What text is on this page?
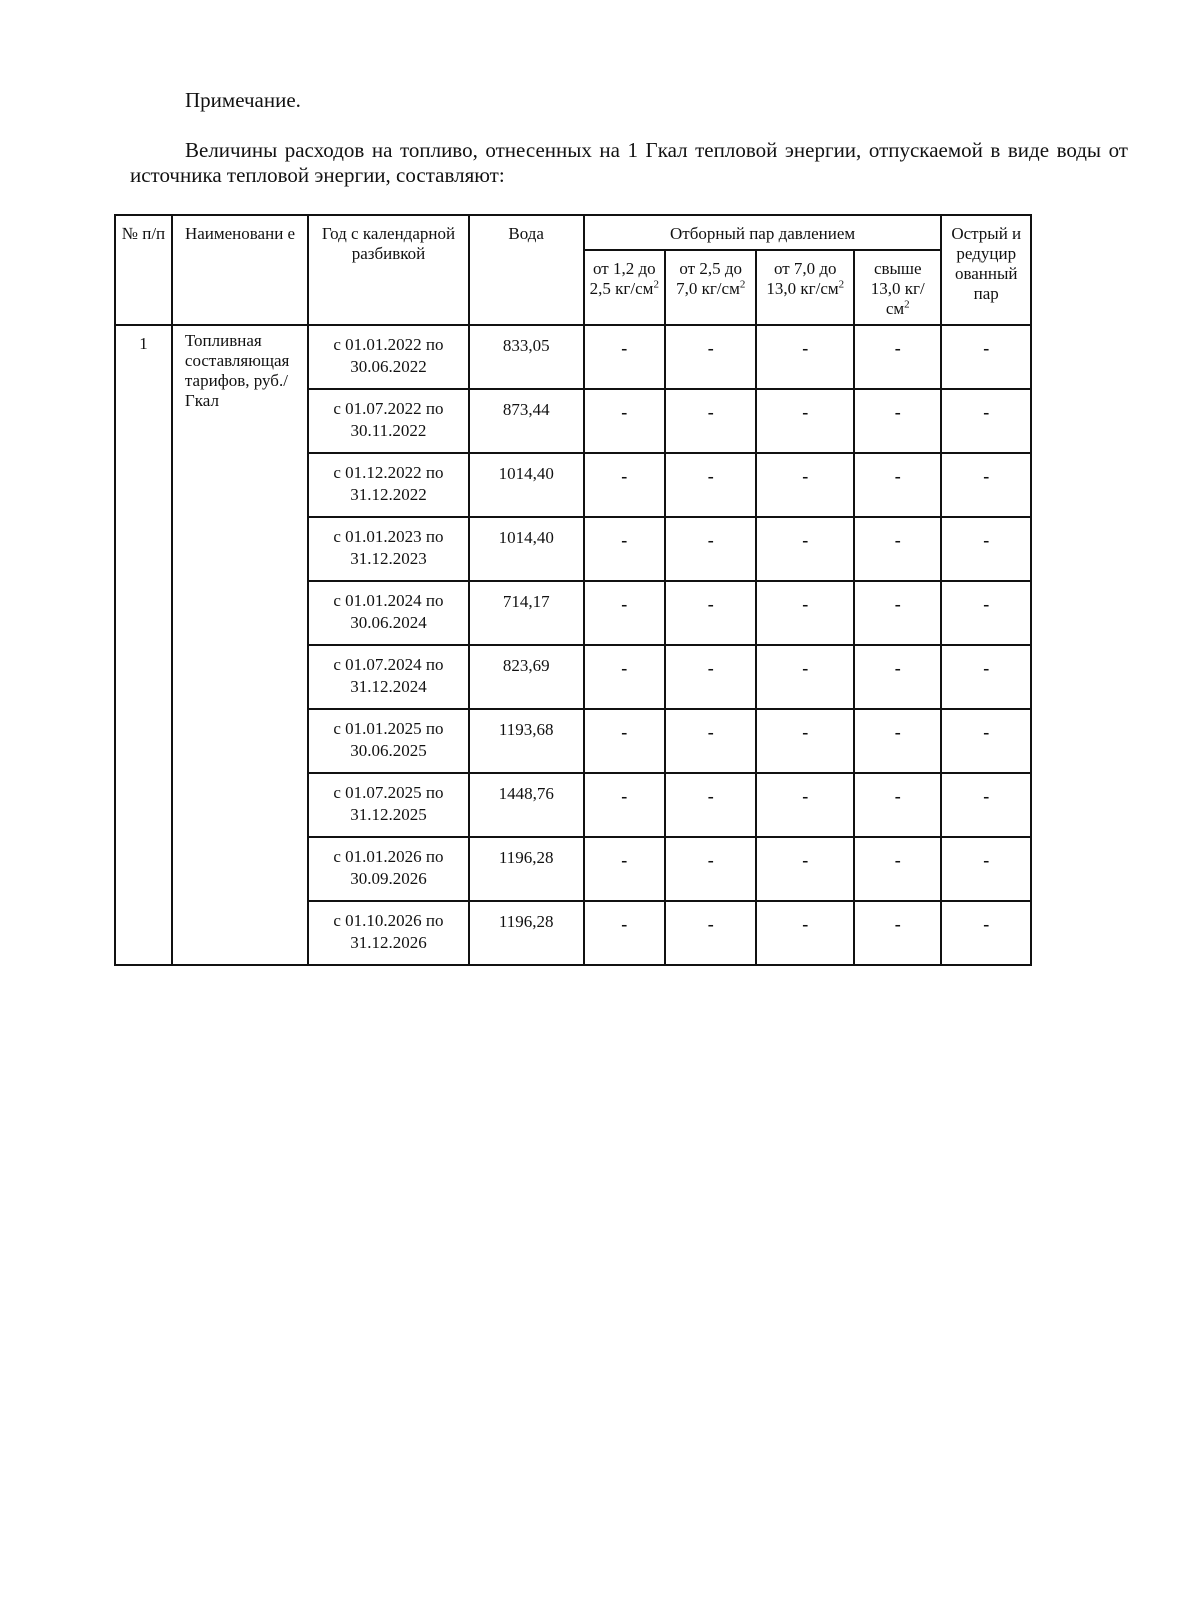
Примечание.
Величины расходов на топливо, отнесенных на 1 Гкал тепловой энергии, отпускаемой в виде воды от источника тепловой энергии, составляют:
№ п/п	Наименовани е	Год с календарной разбивкой	Вода	Отборный пар давлением				Острый и редуцир ованный пар
				от 1,2 до 2,5 $кг/см^2$	от 2,5 до 7,0 $кг/см^2$	от 7,0 до 13,0 $кг/см^2$	свыше 13,0 $кг/см^2$
1	Топливная составляющая тарифов, руб./Гкал	с 01.01.2022 по 30.06.2022	833,05	-	-	-	-	-
		с 01.07.2022 по 30.11.2022	873,44	-	-	-	-	-
		с 01.12.2022 по 31.12.2022	1014,40	-	-	-	-	-
		с 01.01.2023 по 31.12.2023	1014,40	-	-	-	-	-
		с 01.01.2024 по 30.06.2024	714,17	-	-	-	-	-
		с 01.07.2024 по 31.12.2024	823,69	-	-	-	-	-
		с 01.01.2025 по 30.06.2025	1193,68	-	-	-	-	-
		с 01.07.2025 по 31.12.2025	1448,76	-	-	-	-	-
		с 01.01.2026 по 30.09.2026	1196,28	-	-	-	-	-
		с 01.10.2026 по 31.12.2026	1196,28	-	-	-	-	-
